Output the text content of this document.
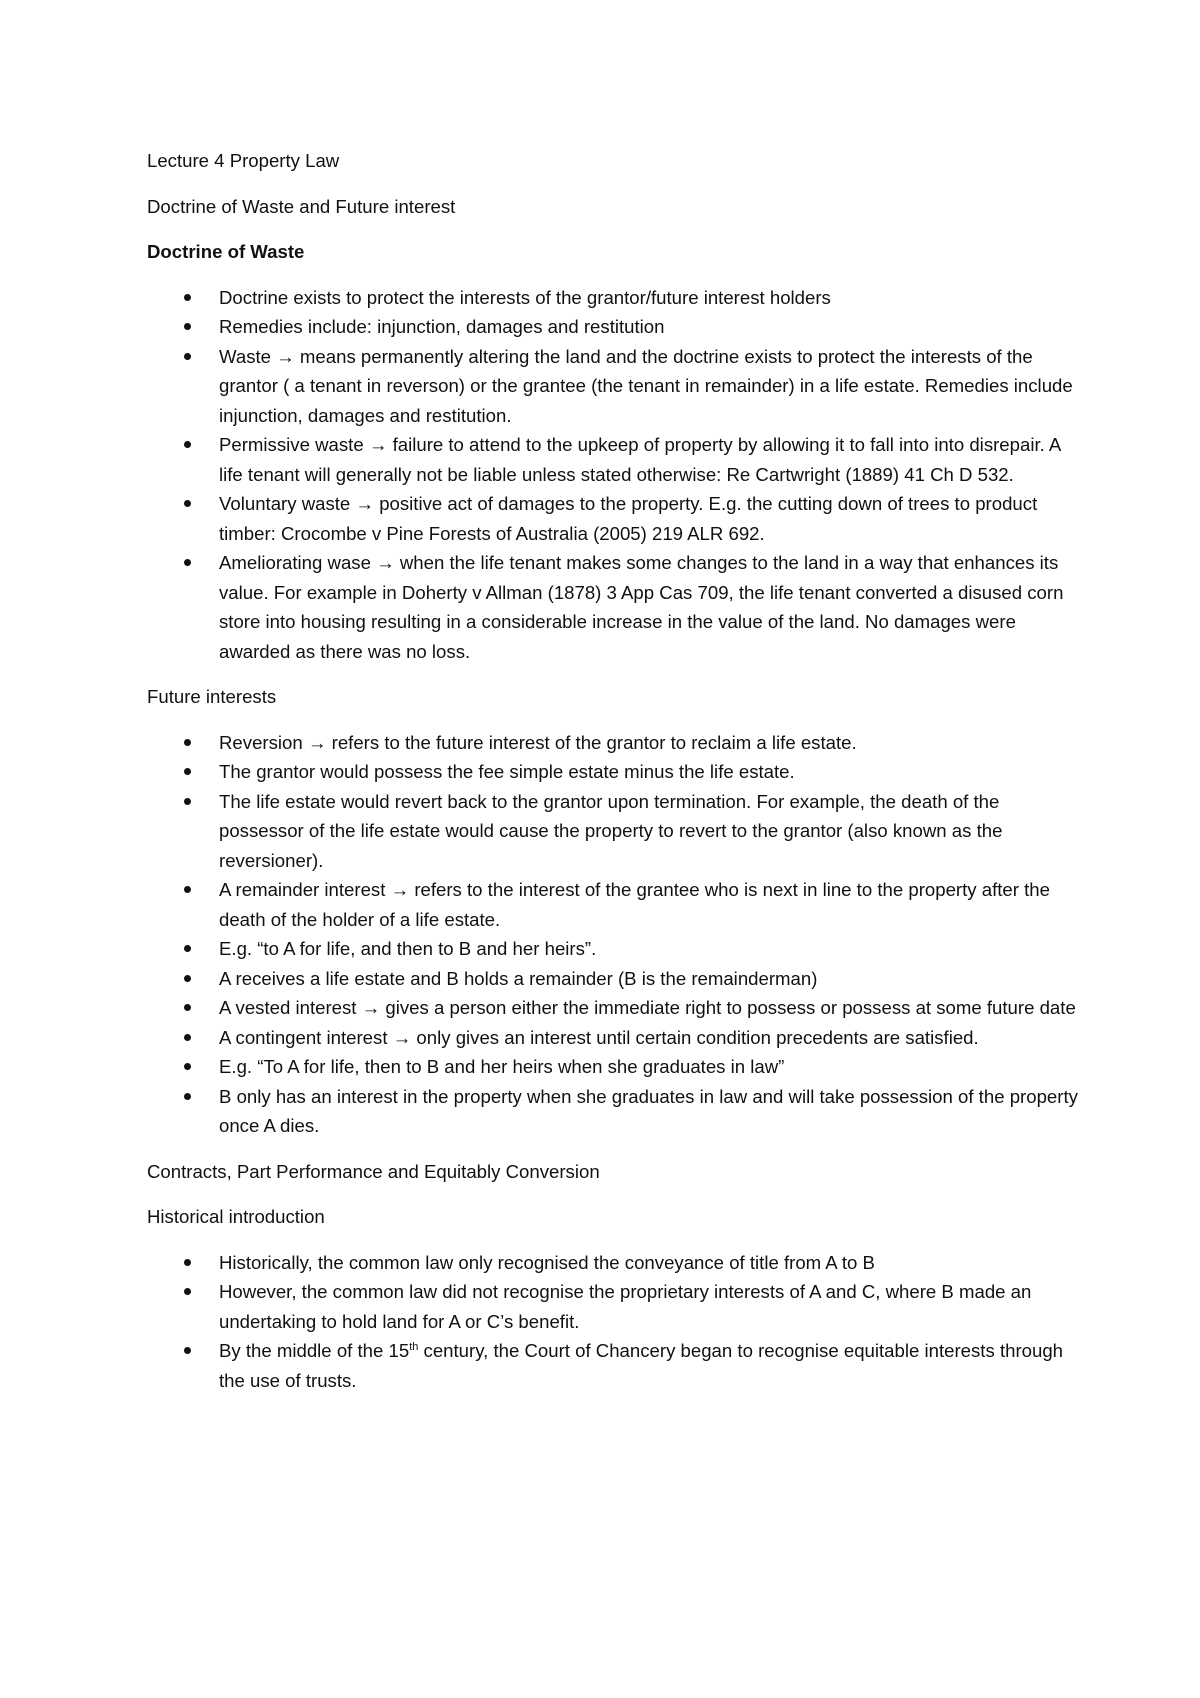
Lecture 4 Property Law

Doctrine of Waste and Future interest

Doctrine of Waste

Doctrine exists to protect the interests of the grantor/future interest holders
Remedies include: injunction, damages and restitution
Waste → means permanently altering the land and the doctrine exists to protect the interests of the grantor ( a tenant in reverson) or the grantee (the tenant in remainder) in a life estate. Remedies include injunction, damages and restitution.
Permissive waste → failure to attend to the upkeep of property by allowing it to fall into into disrepair. A life tenant will generally not be liable unless stated otherwise: Re Cartwright (1889) 41 Ch D 532.
Voluntary waste → positive act of damages to the property. E.g. the cutting down of trees to product timber: Crocombe v Pine Forests of Australia (2005) 219 ALR 692.
Ameliorating wase → when the life tenant makes some changes to the land in a way that enhances its value. For example in Doherty v Allman (1878) 3 App Cas 709, the life tenant converted a disused corn store into housing resulting in a considerable increase in the value of the land. No damages were awarded as there was no loss.

Future interests

Reversion → refers to the future interest of the grantor to reclaim a life estate.
The grantor would possess the fee simple estate minus the life estate.
The life estate would revert back to the grantor upon termination. For example, the death of the possessor of the life estate would cause the property to revert to the grantor (also known as the reversioner).
A remainder interest → refers to the interest of the grantee who is next in line to the property after the death of the holder of a life estate.
E.g. “to A for life, and then to B and her heirs”.
A receives a life estate and B holds a remainder (B is the remainderman)
A vested interest → gives a person either the immediate right to possess or possess at some future date
A contingent interest → only gives an interest until certain condition precedents are satisfied.
E.g. “To A for life, then to B and her heirs when she graduates in law”
B only has an interest in the property when she graduates in law and will take possession of the property once A dies.

Contracts, Part Performance and Equitably Conversion

Historical introduction

Historically, the common law only recognised the conveyance of title from A to B
However, the common law did not recognise the proprietary interests of A and C, where B made an undertaking to hold land for A or C’s benefit.
By the middle of the 15th century, the Court of Chancery began to recognise equitable interests through the use of trusts.
